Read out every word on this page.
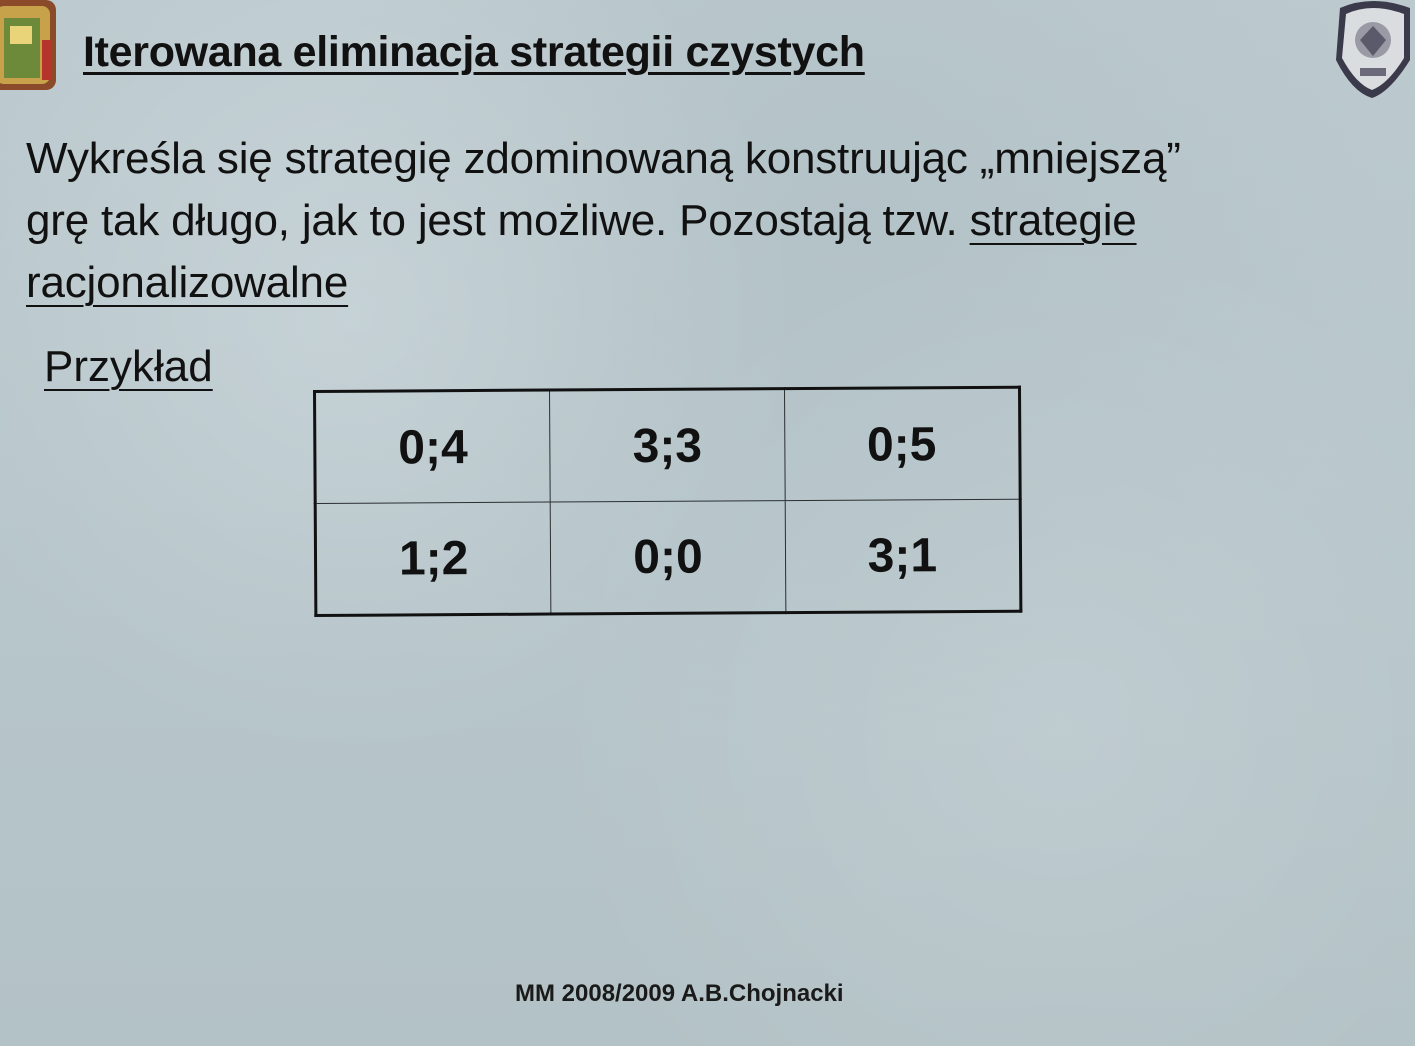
Iterowana eliminacja strategii czystych
Wykreśla się strategię zdominowaną konstruując „mniejszą”
grę tak długo, jak to jest możliwe. Pozostają tzw. strategie
racjonalizowalne
Przykład
0;4	3;3	0;5
1;2	0;0	3;1
MM 2008/2009 A.B.Chojnacki
